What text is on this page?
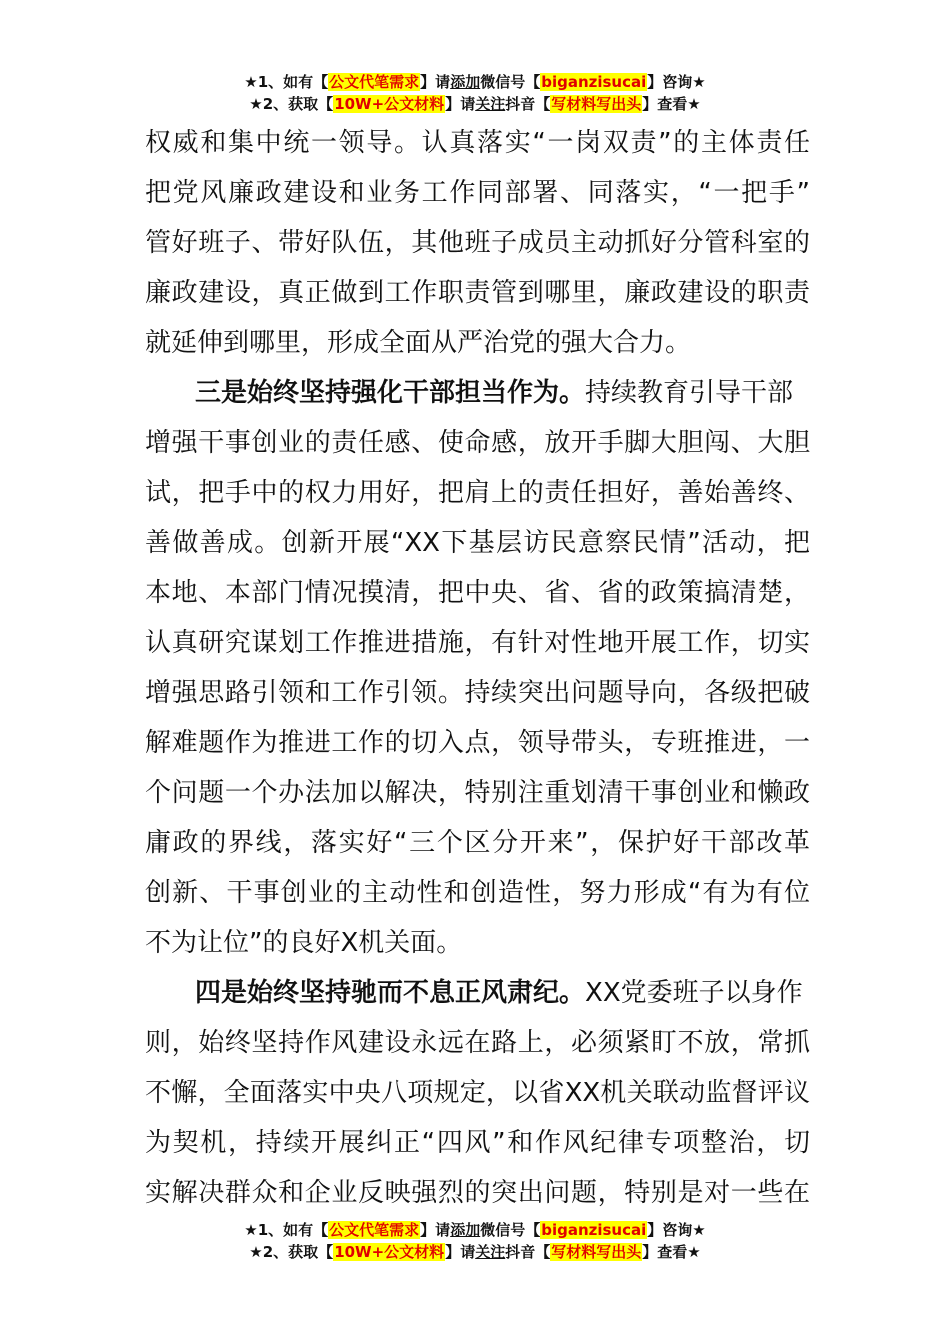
★1、如有【公文代笔需求】请添加微信号【biganzisucai】咨询★
★2、获取【10W+公文材料】请关注抖音【写材料写出头】查看★
权威和集中统一领导。认真落实“一岗双责”的主体责任
把党风廉政建设和业务工作同部署、同落实，“一把手”
管好班子、带好队伍，其他班子成员主动抓好分管科室的
廉政建设，真正做到工作职责管到哪里，廉政建设的职责
就延伸到哪里，形成全面从严治党的强大合力。
三是始终坚持强化干部担当作为。持续教育引导干部
增强干事创业的责任感、使命感，放开手脚大胆闯、大胆
试，把手中的权力用好，把肩上的责任担好，善始善终、
善做善成。创新开展“XX下基层访民意察民情”活动，把
本地、本部门情况摸清，把中央、省、省的政策搞清楚，
认真研究谋划工作推进措施，有针对性地开展工作，切实
增强思路引领和工作引领。持续突出问题导向，各级把破
解难题作为推进工作的切入点，领导带头，专班推进，一
个问题一个办法加以解决，特别注重划清干事创业和懒政
庸政的界线，落实好“三个区分开来”，保护好干部改革
创新、干事创业的主动性和创造性，努力形成“有为有位
不为让位”的良好X机关面。
四是始终坚持驰而不息正风肃纪。XX党委班子以身作
则，始终坚持作风建设永远在路上，必须紧盯不放，常抓
不懈，全面落实中央八项规定，以省XX机关联动监督评议
为契机，持续开展纠正“四风”和作风纪律专项整治，切
实解决群众和企业反映强烈的突出问题，特别是对一些在
★1、如有【公文代笔需求】请添加微信号【biganzisucai】咨询★
★2、获取【10W+公文材料】请关注抖音【写材料写出头】查看★
